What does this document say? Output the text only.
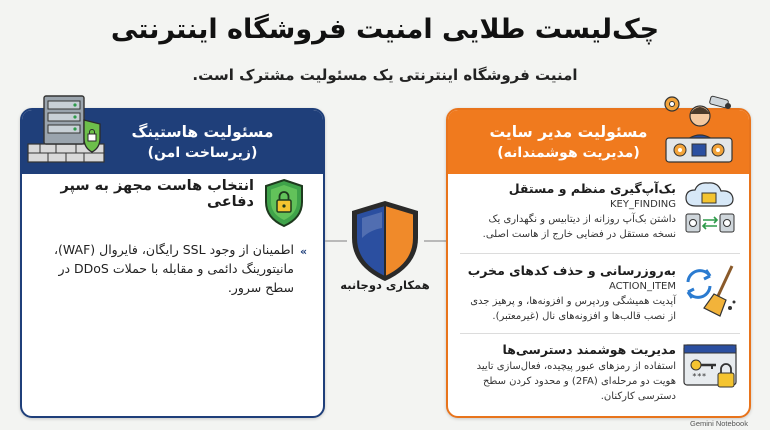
چک‌لیست طلایی امنیت فروشگاه اینترنتی
امنیت فروشگاه اینترنتی یک مسئولیت مشترک است.
مسئولیت هاستینگ
(زیرساخت امن)
انتخاب هاست مجهز به سپر دفاعی
«
اطمینان از وجود SSL رایگان، فایروال (WAF)، مانیتورینگ دائمی و مقابله با حملات DDoS در سطح سرور.	همکاری دوجانبه
مسئولیت مدیر سایت
(مدیریت هوشمندانه)
بک‌آپ‌گیری منظم و مستقل
KEY_FINDING
داشتن بک‌آپ روزانه از دیتابیس و نگهداری یک نسخه مستقل در فضایی خارج از هاست اصلی.
به‌روزرسانی و حذف کدهای مخرب
ACTION_ITEM
آپدیت همیشگی وردپرس و افزونه‌ها، و پرهیز جدی از نصب قالب‌ها و افزونه‌های نال (غیرمعتبر).
مدیریت هوشمند دسترسی‌ها
استفاده از رمزهای عبور پیچیده، فعال‌سازی تایید هویت دو مرحله‌ای (2FA) و محدود کردن سطح دسترسی کارکنان.
***
Gemini Notebook
